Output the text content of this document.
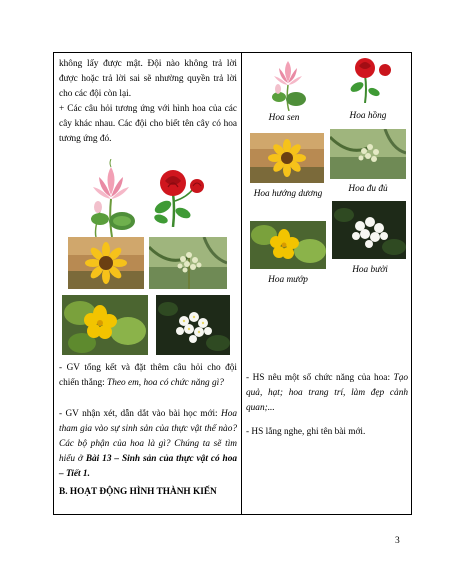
không lấy được mật. Đội nào không trả lời được hoặc trả lời sai sẽ nhường quyền trả lời cho các đội còn lại.

+ Các câu hỏi tương ứng với hình hoa của các cây khác nhau. Các đội cho biết tên cây có hoa tương ứng đó.

- GV tổng kết và đặt thêm câu hỏi cho đội chiến thắng: Theo em, hoa có chức năng gì?

- GV nhận xét, dẫn dắt vào bài học mới: Hoa tham gia vào sự sinh sản của thực vật thế nào? Các bộ phận của hoa là gì? Chúng ta sẽ tìm hiểu ở Bài 13 – Sinh sản của thực vật có hoa – Tiết 1.

B. HOẠT ĐỘNG HÌNH THÀNH KIẾN

Hoa sen	Hoa hồng
Hoa hướng dương	Hoa đu đủ
Hoa mướp
Hoa bưởi
- HS nêu một số chức năng của hoa: Tạo quả, hạt; hoa trang trí, làm đẹp cảnh quan;...
- HS lắng nghe, ghi tên bài mới.
3
